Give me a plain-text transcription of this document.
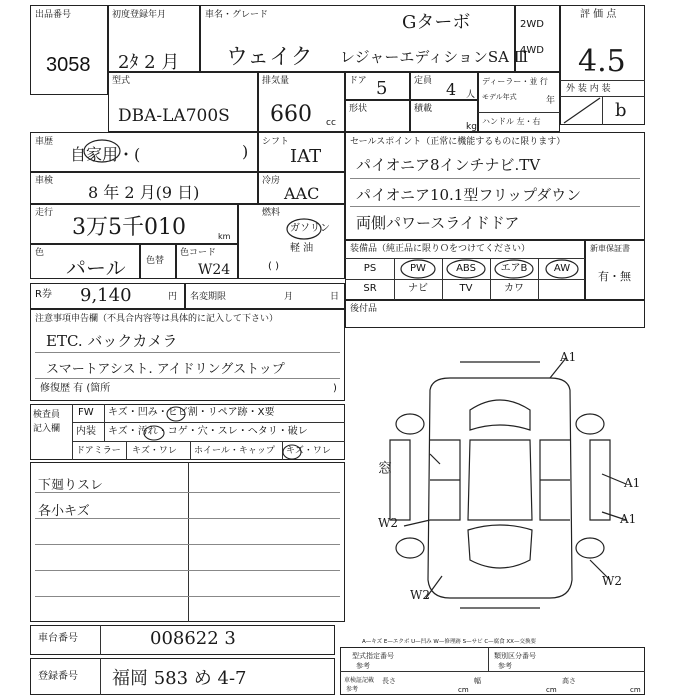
出品番号
3058
初度登録年月
2ﾀ 2 月
車名・グレード
ウェイク
Gターボ
レジャーエディションSA Ⅲ
2WD
4WD
評 価 点
4.5
外 装 内 装
b
型式
DBA-LA700S
排気量
660 cc
ドア 5	定員 4 人
ディーラー・並 行
モデル年式	年
ハンドル 左・右
形状	積載
kg
車歴
自家用・(	) シフト
IAT
車検
8 年 2 月(9 日)
冷房
AAC
走行
3万5千010	km
燃料
ガソリン
軽 油
( )
色
パール 色替
色コード
W24
R券 9,140	円 名変期限	月	日
セールスポイント（正常に機能するものに限ります）
パイオニア8インチナビ.TV
パイオニア10.1型フリップダウン
両側パワースライドドア
装備品（純正品に限りＯをつけてください）	新車保証書
有・無
PS	PW	ABS	エアB	AW
SR	ナビ	TV	カワ
後付品
注意事項申告欄（不具合内容等は具体的に記入して下さい）
ETC. バックカメラ
スマートアシスト. アイドリングストップ
修復歴 有 (箇所	)
検査員
記入欄
FW キズ・凹み・ヒビ割・リペア跡・X要
内装 キズ・汚れ・コゲ・穴・スレ・ヘタリ・破レ
ドアミラー キズ・ワレ ホイール・キャップ キズ・ワレ
下廻りスレ
各小キズ
A1
A1
A1
W2
W2
W2
窓
車台番号	008622 3
登録番号 福岡 583 め 4-7
A—キズ E—エクボ U—凹み W—修理跡 S—サビ C—腐食 XX—交換要
型式指定番号
参考
類別区分番号
参考
車検証記載
参考
長さ
cm
幅
cm
高さ
cm
